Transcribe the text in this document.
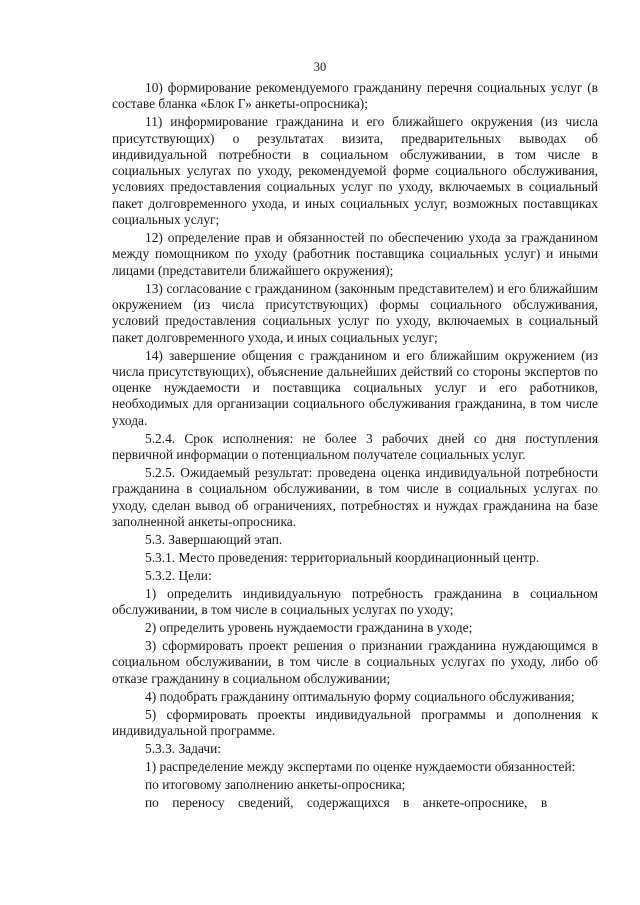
30

10) формирование рекомендуемого гражданину перечня социальных услуг (в составе бланка «Блок Г» анкеты-опросника);

11) информирование гражданина и его ближайшего окружения (из числа присутствующих) о результатах визита, предварительных выводах об индивидуальной потребности в социальном обслуживании, в том числе в социальных услугах по уходу, рекомендуемой форме социального обслуживания, условиях предоставления социальных услуг по уходу, включаемых в социальный пакет долговременного ухода, и иных социальных услуг, возможных поставщиках социальных услуг;

12) определение прав и обязанностей по обеспечению ухода за гражданином между помощником по уходу (работник поставщика социальных услуг) и иными лицами (представители ближайшего окружения);

13) согласование с гражданином (законным представителем) и его ближайшим окружением (из числа присутствующих) формы социального обслуживания, условий предоставления социальных услуг по уходу, включаемых в социальный пакет долговременного ухода, и иных социальных услуг;

14) завершение общения с гражданином и его ближайшим окружением (из числа присутствующих), объяснение дальнейших действий со стороны экспертов по оценке нуждаемости и поставщика социальных услуг и его работников, необходимых для организации социального обслуживания гражданина, в том числе ухода.

5.2.4. Срок исполнения: не более 3 рабочих дней со дня поступления первичной информации о потенциальном получателе социальных услуг.

5.2.5. Ожидаемый результат: проведена оценка индивидуальной потребности гражданина в социальном обслуживании, в том числе в социальных услугах по уходу, сделан вывод об ограничениях, потребностях и нуждах гражданина на базе заполненной анкеты-опросника.

5.3. Завершающий этап.

5.3.1. Место проведения: территориальный координационный центр.

5.3.2. Цели:

1) определить индивидуальную потребность гражданина в социальном обслуживании, в том числе в социальных услугах по уходу;

2) определить уровень нуждаемости гражданина в уходе;

3) сформировать проект решения о признании гражданина нуждающимся в социальном обслуживании, в том числе в социальных услугах по уходу, либо об отказе гражданину в социальном обслуживании;

4) подобрать гражданину оптимальную форму социального обслуживания;

5) сформировать проекты индивидуальной программы и дополнения к индивидуальной программе.

5.3.3. Задачи:

1) распределение между экспертами по оценке нуждаемости обязанностей:

по итоговому заполнению анкеты-опросника;

по переносу сведений, содержащихся в анкете-опроснике, в
